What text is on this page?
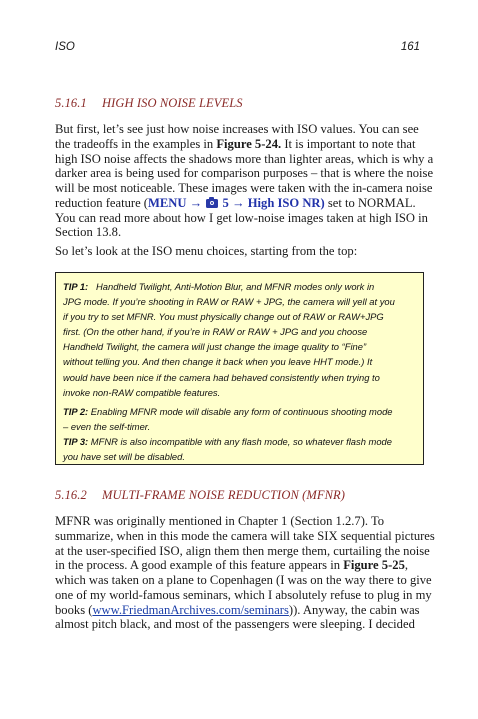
ISO	161
5.16.1 HIGH ISO NOISE LEVELS
But first, let’s see just how noise increases with ISO values. You can see
the tradeoffs in the examples in Figure 5-24. It is important to note that
high ISO noise affects the shadows more than lighter areas, which is why a
darker area is being used for comparison purposes – that is where the noise
will be most noticeable. These images were taken with the in-camera noise
reduction feature (MENU →  5 → High ISO NR) set to NORMAL.
You can read more about how I get low-noise images taken at high ISO in
Section 13.8.
So let’s look at the ISO menu choices, starting from the top:
TIP 1: Handheld Twilight, Anti-Motion Blur, and MFNR modes only work in
JPG mode. If you’re shooting in RAW or RAW + JPG, the camera will yell at you
if you try to set MFNR. You must physically change out of RAW or RAW+JPG
first. (On the other hand, if you’re in RAW or RAW + JPG and you choose
Handheld Twilight, the camera will just change the image quality to “Fine”
without telling you. And then change it back when you leave HHT mode.) It
would have been nice if the camera had behaved consistently when trying to
invoke non-RAW compatible features.
TIP 2: Enabling MFNR mode will disable any form of continuous shooting mode
– even the self-timer.
TIP 3: MFNR is also incompatible with any flash mode, so whatever flash mode
you have set will be disabled.
5.16.2 MULTI-FRAME NOISE REDUCTION (MFNR)
MFNR was originally mentioned in Chapter 1 (Section 1.2.7). To
summarize, when in this mode the camera will take SIX sequential pictures
at the user-specified ISO, align them then merge them, curtailing the noise
in the process. A good example of this feature appears in Figure 5-25,
which was taken on a plane to Copenhagen (I was on the way there to give
one of my world-famous seminars, which I absolutely refuse to plug in my
books (www.FriedmanArchives.com/seminars)). Anyway, the cabin was
almost pitch black, and most of the passengers were sleeping. I decided
